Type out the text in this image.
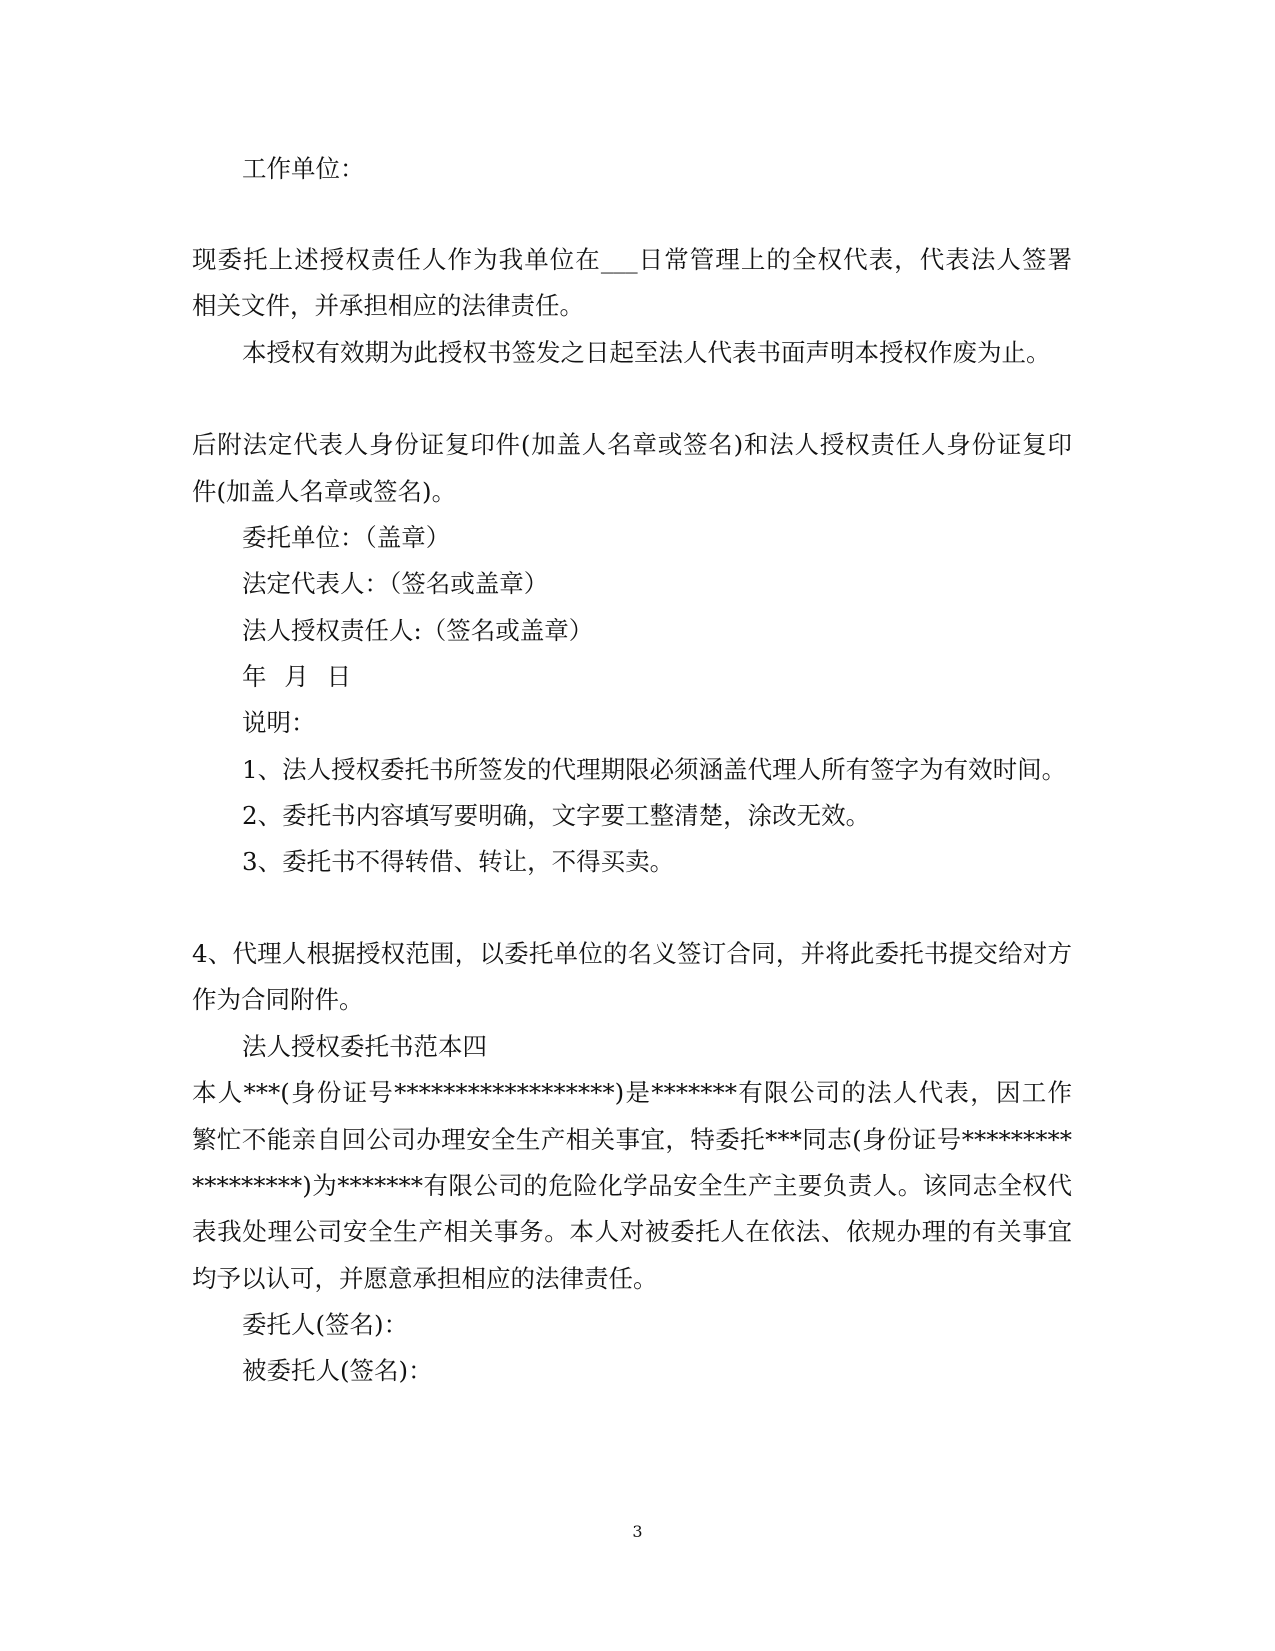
工作单位：
现委托上述授权责任人作为我单位在___日常管理上的全权代表，代表法人签署
相关文件，并承担相应的法律责任。
本授权有效期为此授权书签发之日起至法人代表书面声明本授权作废为止。
后附法定代表人身份证复印件(加盖人名章或签名)和法人授权责任人身份证复印
件(加盖人名章或签名)。
委托单位：（盖章）
法定代表人：（签名或盖章）
法人授权责任人:（签名或盖章）
年 月 日
说明：
1、法人授权委托书所签发的代理期限必须涵盖代理人所有签字为有效时间。
2、委托书内容填写要明确，文字要工整清楚，涂改无效。
3、委托书不得转借、转让，不得买卖。
4、代理人根据授权范围，以委托单位的名义签订合同，并将此委托书提交给对方
作为合同附件。
法人授权委托书范本四
本人***(身份证号******************)是*******有限公司的法人代表，因工作
繁忙不能亲自回公司办理安全生产相关事宜，特委托***同志(身份证号*********
*********)为*******有限公司的危险化学品安全生产主要负责人。该同志全权代
表我处理公司安全生产相关事务。本人对被委托人在依法、依规办理的有关事宜
均予以认可，并愿意承担相应的法律责任。
委托人(签名)：
被委托人(签名)：
3
